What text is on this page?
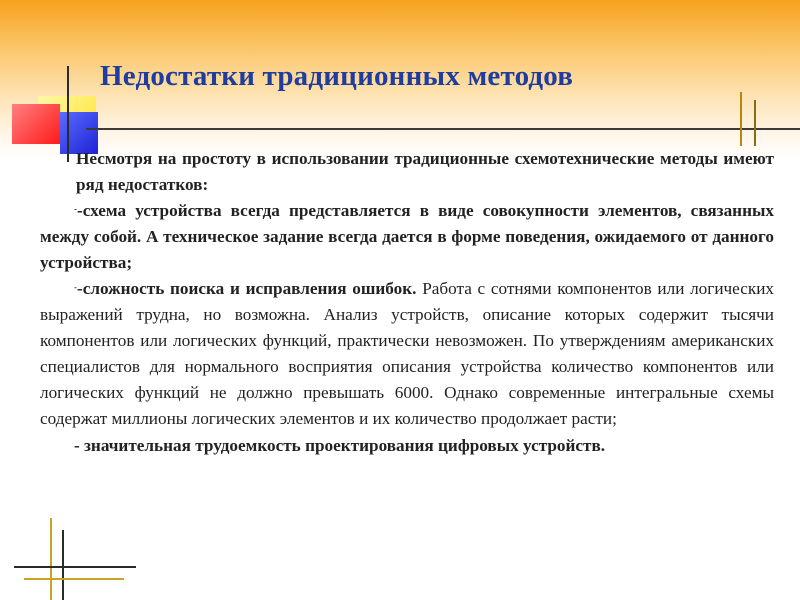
Недостатки традиционных методов

Несмотря на простоту в использовании традиционные схемотехнические методы имеют ряд недостатков:

--схема устройства всегда представляется в виде совокупности элементов, связанных между собой. А техническое задание всегда дается в форме поведения, ожидаемого от данного устройства;

--сложность поиска и исправления ошибок. Работа с сотнями компонентов или логических выражений трудна, но возможна. Анализ устройств, описание которых содержит тысячи компонентов или логических функций, практически невозможен. По утверждениям американских специалистов для нормального восприятия описания устройства количество компонентов или логических функций не должно превышать 6000. Однако современные интегральные схемы содержат миллионы логических элементов и их количество продолжает расти;

- значительная трудоемкость проектирования цифровых устройств.
